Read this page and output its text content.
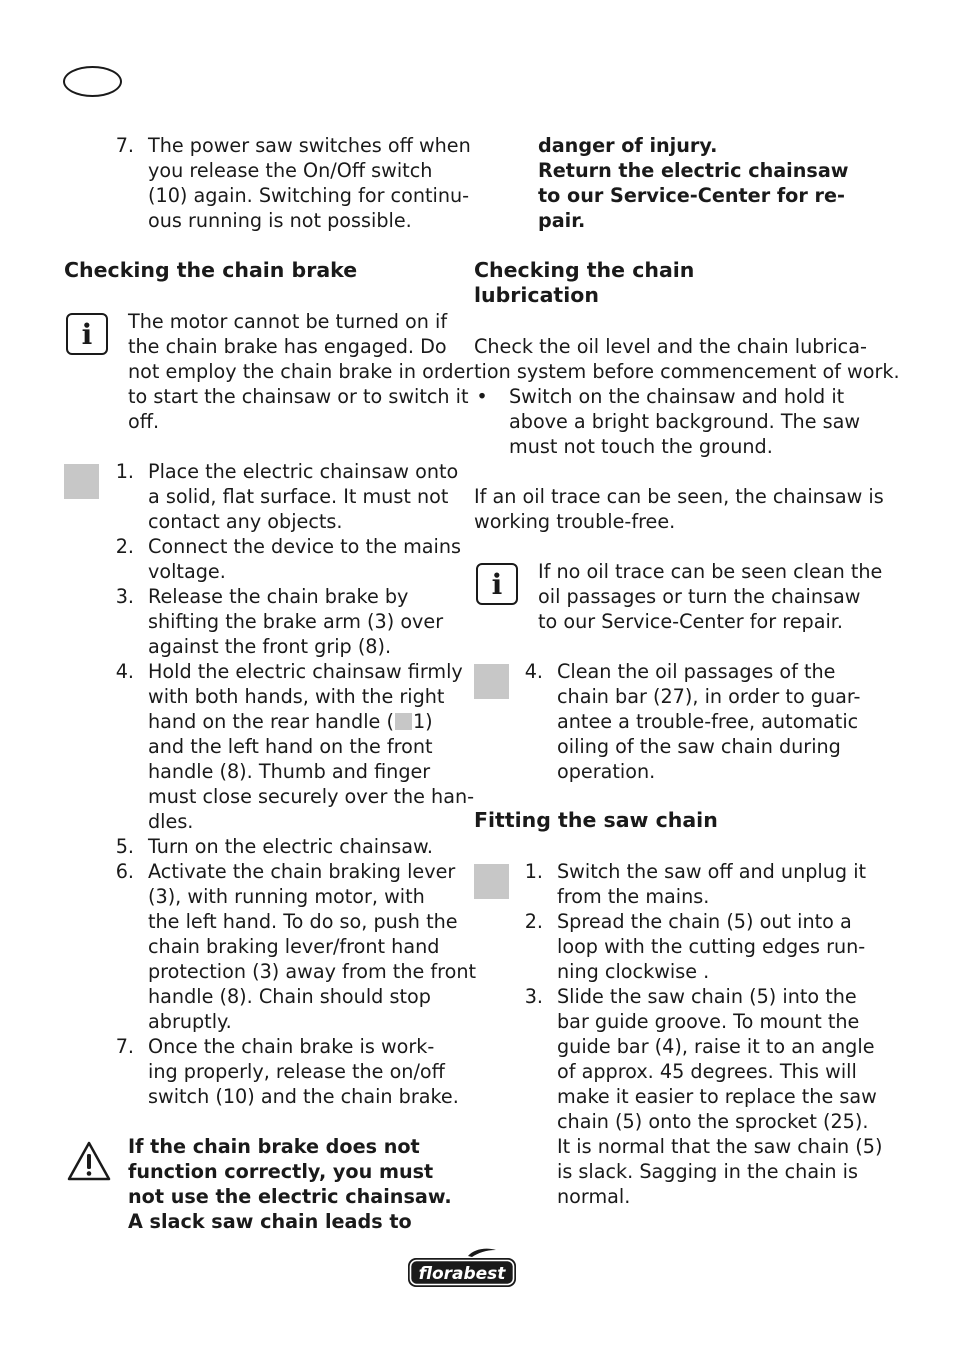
7. The power saw switches off when
you release the On/Off switch
(10) again. Switching for continu-
ous running is not possible.
Checking the chain brake
i	The motor cannot be turned on if
the chain brake has engaged. Do
not employ the chain brake in order
to start the chainsaw or to switch it
off.
1. Place the electric chainsaw onto
a solid, flat surface. It must not
contact any objects.
2. Connect the device to the mains
voltage.
3. Release the chain brake by
shifting the brake arm (3) over
against the front grip (8).
4. Hold the electric chainsaw firmly
with both hands, with the right
hand on the rear handle ( 1)
and the left hand on the front
handle (8). Thumb and finger
must close securely over the han-
dles.
5. Turn on the electric chainsaw.
6. Activate the chain braking lever
(3), with running motor, with
the left hand. To do so, push the
chain braking lever/front hand
protection (3) away from the front
handle (8). Chain should stop
abruptly.
7. Once the chain brake is work-
ing properly, release the on/off
switch (10) and the chain brake.
If the chain brake does not
function correctly, you must
not use the electric chainsaw.
A slack saw chain leads to
danger of injury.
Return the electric chainsaw
to our Service-Center for re-
pair.
Checking the chain
lubrication
Check the oil level and the chain lubrica-
tion system before commencement of work.
• Switch on the chainsaw and hold it
above a bright background. The saw
must not touch the ground.
If an oil trace can be seen, the chainsaw is
working trouble-free.
i	If no oil trace can be seen clean the
oil passages or turn the chainsaw
to our Service-Center for repair.
4. Clean the oil passages of the
chain bar (27), in order to guar-
antee a trouble-free, automatic
oiling of the saw chain during
operation.
Fitting the saw chain
1. Switch the saw off and unplug it
from the mains.
2. Spread the chain (5) out into a
loop with the cutting edges run-
ning clockwise .
3. Slide the saw chain (5) into the
bar guide groove. To mount the
guide bar (4), raise it to an angle
of approx. 45 degrees. This will
make it easier to replace the saw
chain (5) onto the sprocket (25).
It is normal that the saw chain (5)
is slack. Sagging in the chain is
normal.
florabest
